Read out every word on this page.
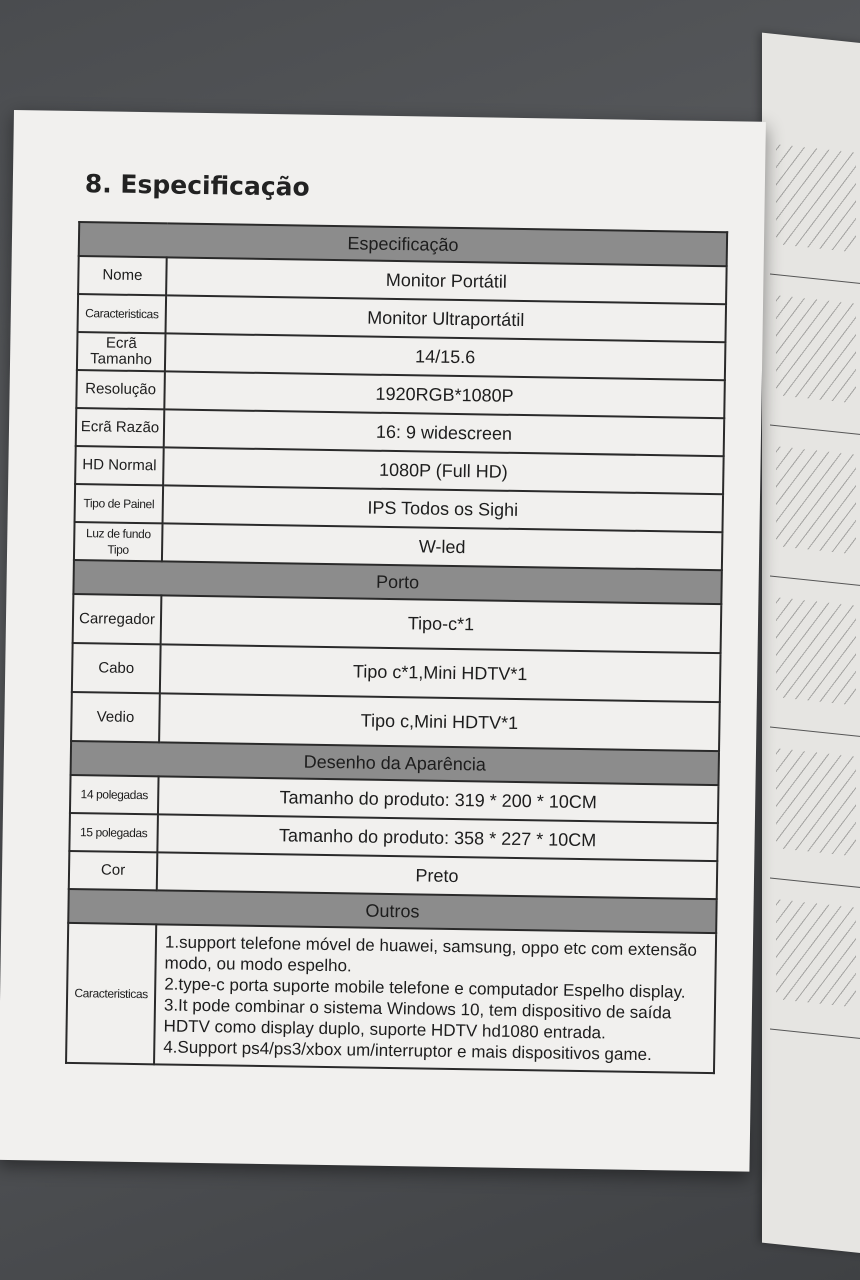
8. Especificação
Especificação	
Nome	Monitor Portátil
Caracteristicas	Monitor Ultraportátil
Ecrã Tamanho	14/15.6
Resolução	1920RGB*1080P
Ecrã Razão	16: 9 widescreen
HD Normal	1080P (Full HD)
Tipo de Painel	IPS Todos os Sighi
Luz de fundo Tipo	W-led
Porto	
Carregador	Tipo-c*1
Cabo	Tipo c*1,Mini HDTV*1
Vedio	Tipo c,Mini HDTV*1
Desenho da Aparência	
14 polegadas	Tamanho do produto: 319 * 200 * 10CM
15 polegadas	Tamanho do produto: 358 * 227 * 10CM
Cor	Preto
Outros	
Caracteristicas	1.support telefone móvel de huawei, samsung, oppo etc com extensão modo, ou modo espelho.
2.type-c porta suporte mobile telefone e computador Espelho display.
3.It pode combinar o sistema Windows 10, tem dispositivo de saída HDTV como display duplo, suporte HDTV hd1080 entrada.
4.Support ps4/ps3/xbox um/interruptor e mais dispositivos game.
